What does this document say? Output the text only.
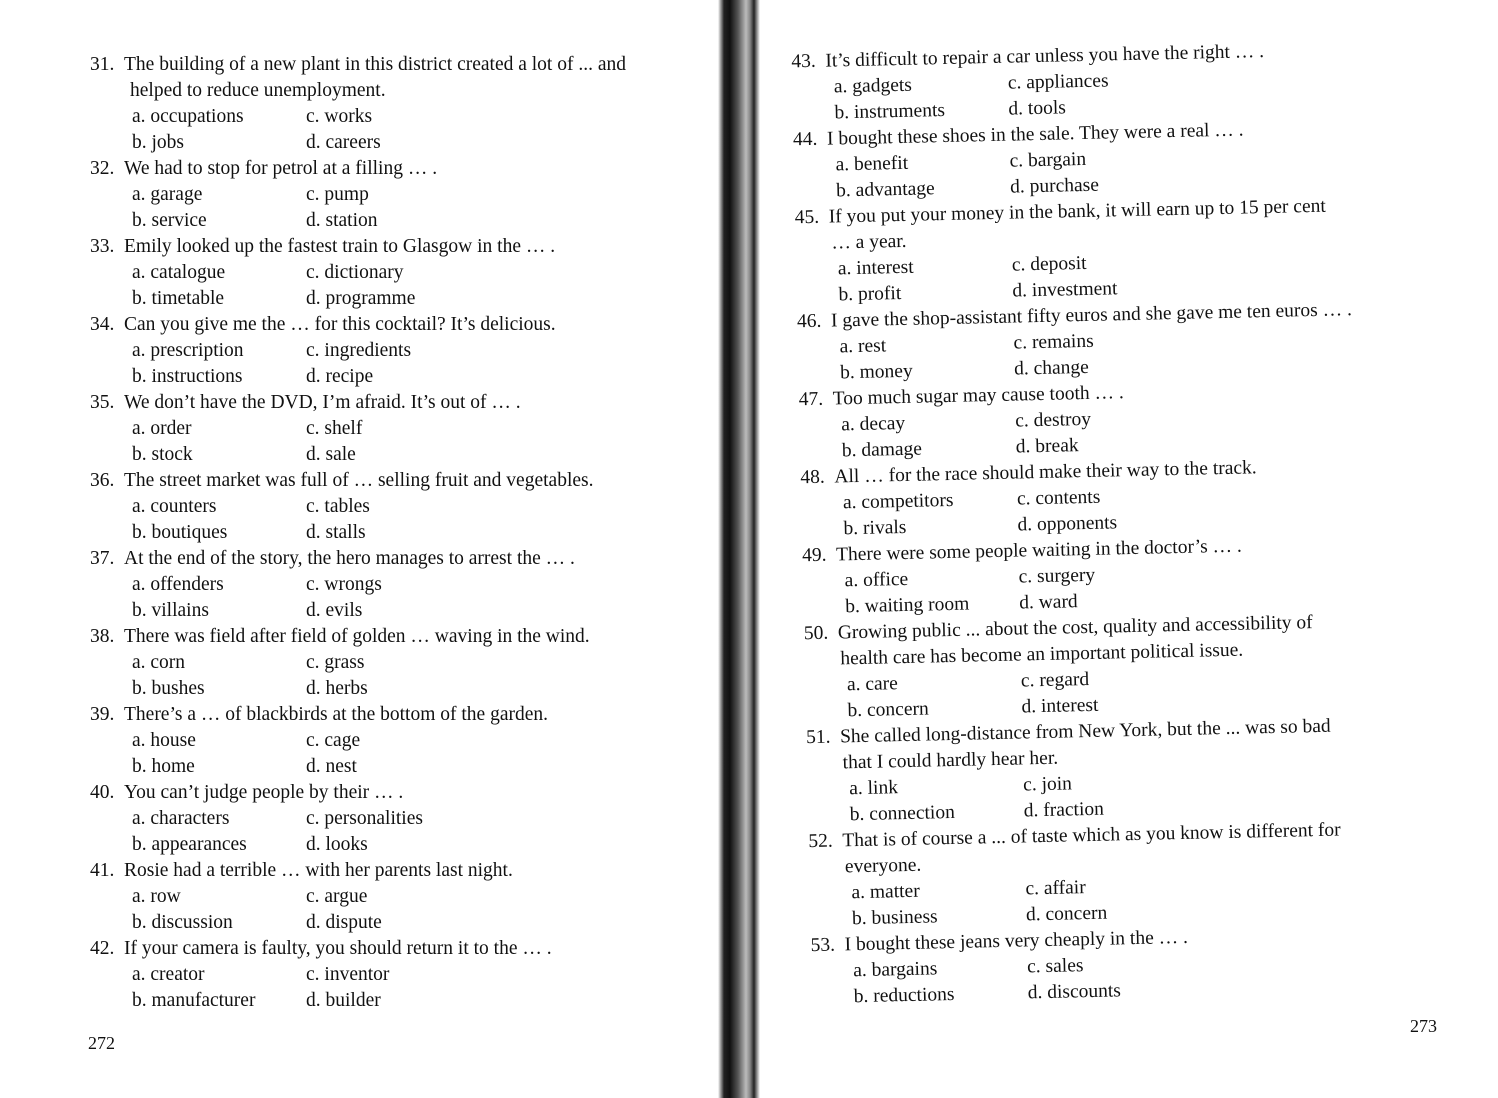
31. The building of a new plant in this district created a lot of ... and
helped to reduce unemployment.
a. occupations	c. works
b. jobs	d. careers
32. We had to stop for petrol at a filling … .
a. garage	c. pump
b. service	d. station
33. Emily looked up the fastest train to Glasgow in the … .
a. catalogue	c. dictionary
b. timetable	d. programme
34. Can you give me the … for this cocktail? It’s delicious.
a. prescription	c. ingredients
b. instructions	d. recipe
35. We don’t have the DVD, I’m afraid. It’s out of … .
a. order	c. shelf
b. stock	d. sale
36. The street market was full of … selling fruit and vegetables.
a. counters	c. tables
b. boutiques	d. stalls
37. At the end of the story, the hero manages to arrest the … .
a. offenders	c. wrongs
b. villains	d. evils
38. There was field after field of golden … waving in the wind.
a. corn	c. grass
b. bushes	d. herbs
39. There’s a … of blackbirds at the bottom of the garden.
a. house	c. cage
b. home	d. nest
40. You can’t judge people by their … .
a. characters	c. personalities
b. appearances	d. looks
41. Rosie had a terrible … with her parents last night.
a. row	c. argue
b. discussion	d. dispute
42. If your camera is faulty, you should return it to the … .
a. creator	c. inventor
b. manufacturer	d. builder
272
43. It’s difficult to repair a car unless you have the right … .
a. gadgets	c. appliances
b. instruments	d. tools
44. I bought these shoes in the sale. They were a real … .
a. benefit	c. bargain
b. advantage	d. purchase
45. If you put your money in the bank, it will earn up to 15 per cent
… a year.
a. interest	c. deposit
b. profit	d. investment
46. I gave the shop-assistant fifty euros and she gave me ten euros … .
a. rest	c. remains
b. money	d. change
47. Too much sugar may cause tooth … .
a. decay	c. destroy
b. damage	d. break
48. All … for the race should make their way to the track.
a. competitors	c. contents
b. rivals	d. opponents
49. There were some people waiting in the doctor’s … .
a. office	c. surgery
b. waiting room	d. ward
50. Growing public ... about the cost, quality and accessibility of
health care has become an important political issue.
a. care	c. regard
b. concern	d. interest
51. She called long-distance from New York, but the ... was so bad
that I could hardly hear her.
a. link	c. join
b. connection	d. fraction
52. That is of course a ... of taste which as you know is different for
everyone.
a. matter	c. affair
b. business	d. concern
53. I bought these jeans very cheaply in the … .
a. bargains	c. sales
b. reductions	d. discounts
273
